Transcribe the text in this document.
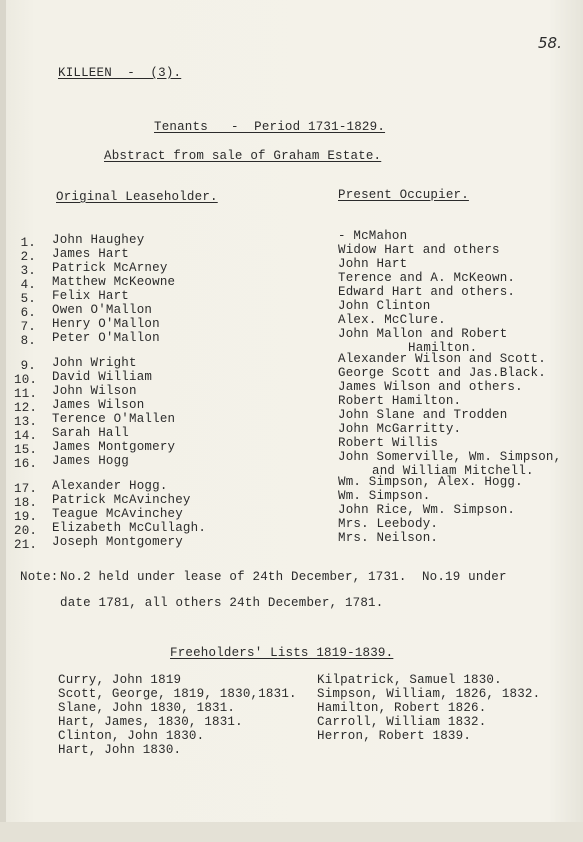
58.
KILLEEN  -  (3).
Tenants   -  Period 1731-1829.
Abstract from sale of Graham Estate.
Original Leaseholder.	Present Occupier.
1. John Haughey	- McMahon
2. James Hart	Widow Hart and others
3. Patrick McArney	John Hart
4. Matthew McKeowne	Terence and A. McKeown.
5. Felix Hart	Edward Hart and others.
6. Owen O'Mallon	John Clinton
7. Henry O'Mallon	Alex. McClure.
8. Peter O'Mallon	John Mallon and Robert
Hamilton.
9. John Wright	Alexander Wilson and Scott.
10. David William	George Scott and Jas.Black.
11. John Wilson	James Wilson and others.
12. James Wilson	Robert Hamilton.
13. Terence O'Mallen	John Slane and Trodden
14. Sarah Hall	John McGarritty.
15. James Montgomery	Robert Willis
16. James Hogg	John Somerville, Wm. Simpson,
and William Mitchell.
17. Alexander Hogg.	Wm. Simpson, Alex. Hogg.
18. Patrick McAvinchey	Wm. Simpson.
19. Teague McAvinchey	John Rice, Wm. Simpson.
20. Elizabeth McCullagh.	Mrs. Leebody.
21. Joseph Montgomery	Mrs. Neilson.
Note: No.2 held under lease of 24th December, 1731.  No.19 under
date 1781, all others 24th December, 1781.
Freeholders' Lists 1819-1839.
Curry, John 1819
Scott, George, 1819, 1830,1831.
Slane, John 1830, 1831.
Hart, James, 1830, 1831.
Clinton, John 1830.
Hart, John 1830.
Kilpatrick, Samuel 1830.
Simpson, William, 1826, 1832.
Hamilton, Robert 1826.
Carroll, William 1832.
Herron, Robert 1839.
